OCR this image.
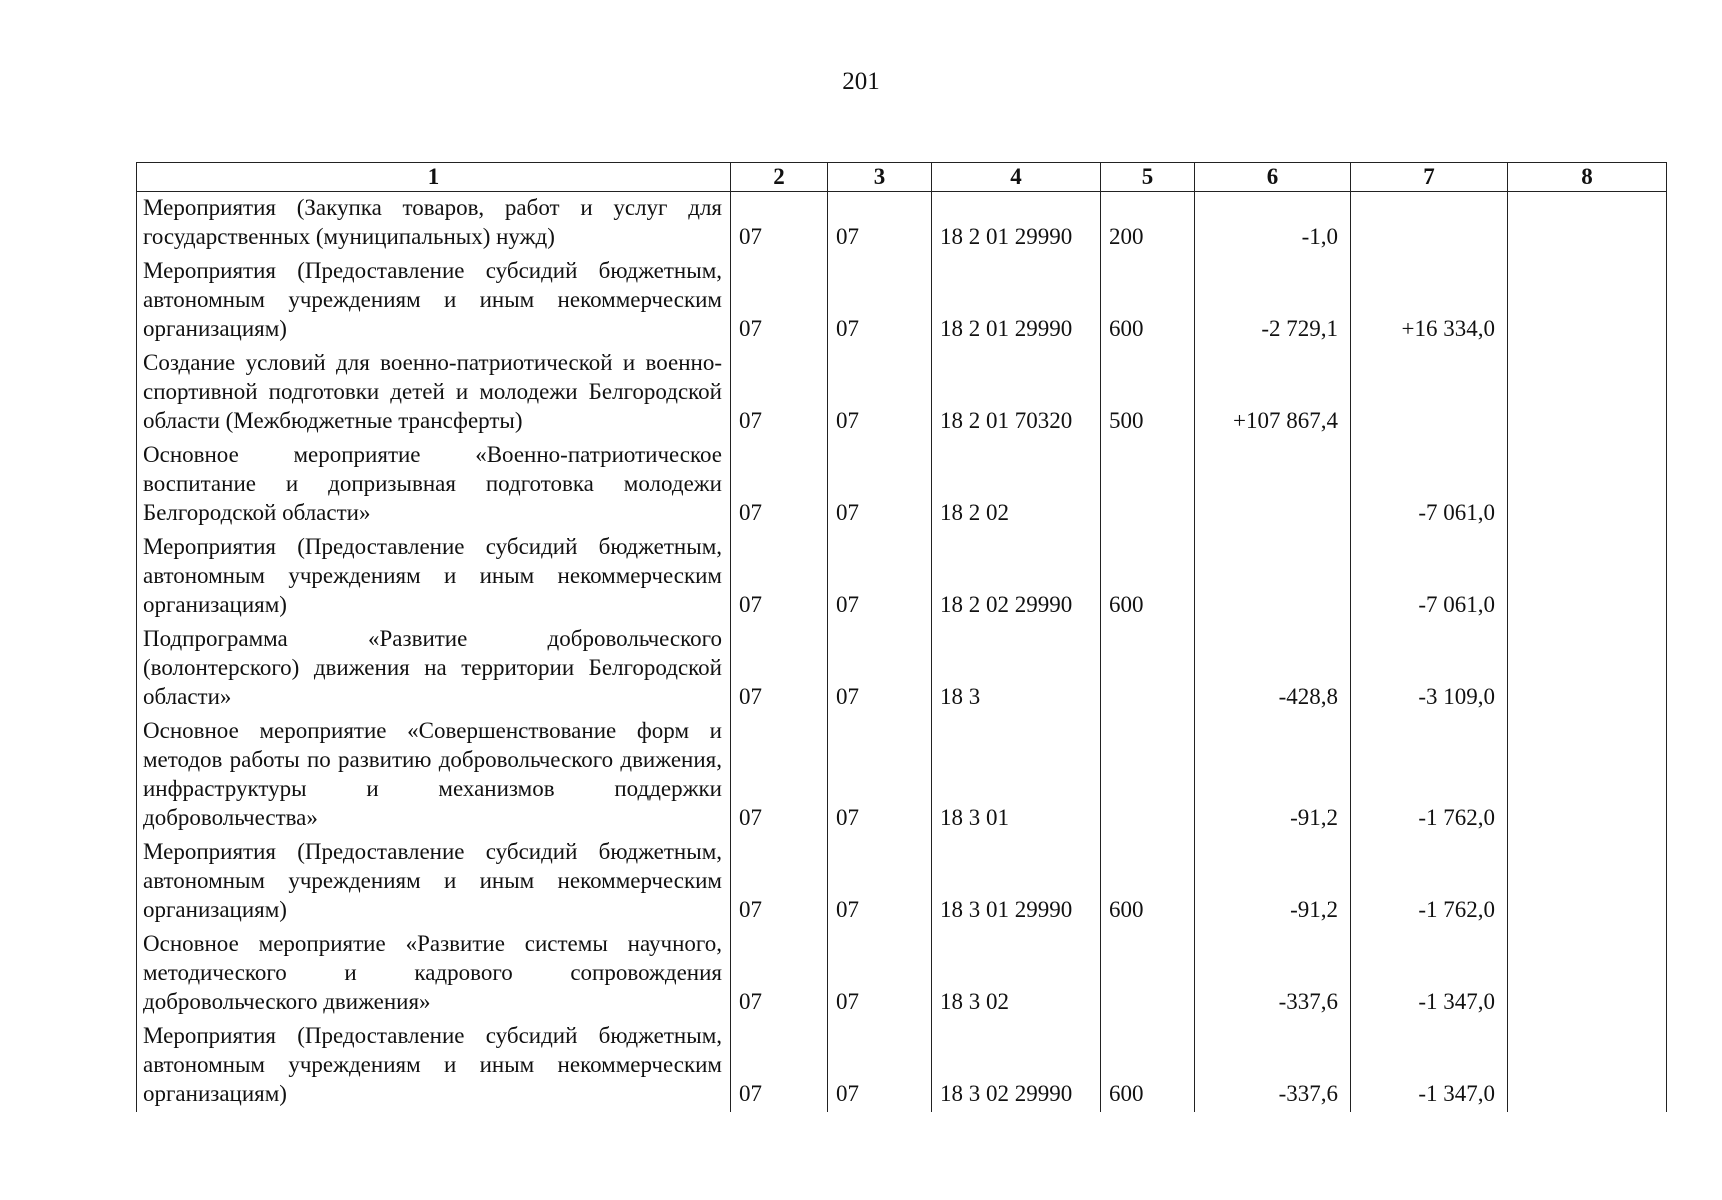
201
1	2	3	4	5	6	7	8
Мероприятия (Закупка товаров, работ и услуг для государственных (муниципальных) нужд)	07	07	18 2 01 29990	200	-1,0		
Мероприятия (Предоставление субсидий бюджетным, автономным учреждениям и иным некоммерческим организациям)	07	07	18 2 01 29990	600	-2 729,1	+16 334,0	
Создание условий для военно-патриотической и военно-спортивной подготовки детей и молодежи Белгородской области (Межбюджетные трансферты)	07	07	18 2 01 70320	500	+107 867,4		
Основное мероприятие «Военно-патриотическое воспитание и допризывная подготовка молодежи Белгородской области»	07	07	18 2 02			-7 061,0	
Мероприятия (Предоставление субсидий бюджетным, автономным учреждениям и иным некоммерческим организациям)	07	07	18 2 02 29990	600		-7 061,0	
Подпрограмма «Развитие добровольческого (волонтерского) движения на территории Белгородской области»	07	07	18 3		-428,8	-3 109,0	
Основное мероприятие «Совершенствование форм и методов работы по развитию добровольческого движения, инфраструктуры и механизмов поддержки добровольчества»	07	07	18 3 01		-91,2	-1 762,0	
Мероприятия (Предоставление субсидий бюджетным, автономным учреждениям и иным некоммерческим организациям)	07	07	18 3 01 29990	600	-91,2	-1 762,0	
Основное мероприятие «Развитие системы научного, методического и кадрового сопровождения добровольческого движения»	07	07	18 3 02		-337,6	-1 347,0	
Мероприятия (Предоставление субсидий бюджетным, автономным учреждениям и иным некоммерческим организациям)	07	07	18 3 02 29990	600	-337,6	-1 347,0	
